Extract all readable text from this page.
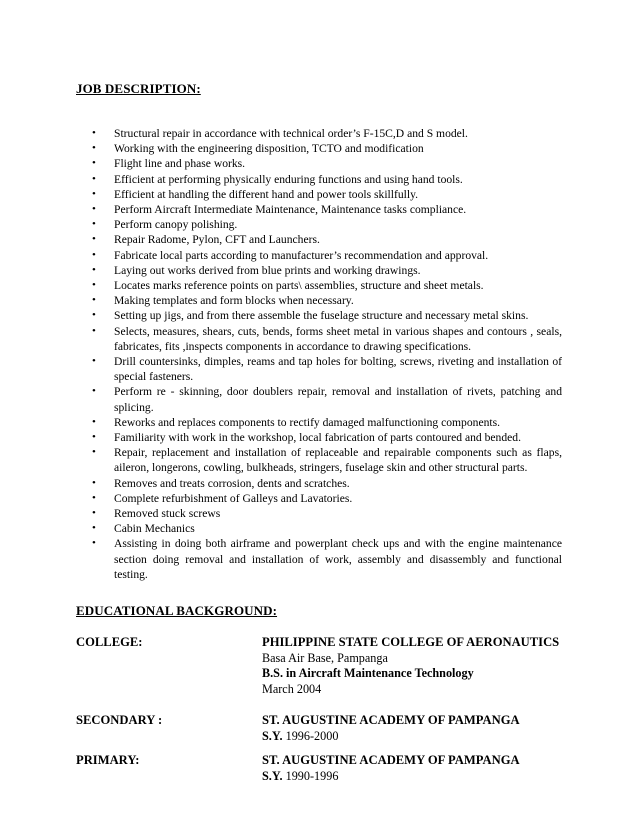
JOB DESCRIPTION:
• Structural repair in accordance with technical order’s F-15C,D and S model.
• Working with the engineering disposition, TCTO and modification
• Flight line and phase works.
• Efficient at performing physically enduring functions and using hand tools.
• Efficient at handling the different hand and power tools skillfully.
• Perform Aircraft Intermediate Maintenance, Maintenance tasks compliance.
• Perform canopy polishing.
• Repair Radome, Pylon, CFT and Launchers.
• Fabricate local parts according to manufacturer’s recommendation and approval.
• Laying out works derived from blue prints and working drawings.
• Locates marks reference points on parts\ assemblies, structure and sheet metals.
• Making templates and form blocks when necessary.
• Setting up jigs, and from there assemble the fuselage structure and necessary metal skins.
• Selects, measures, shears, cuts, bends, forms sheet metal in various shapes and contours , seals, fabricates, fits ,inspects components in accordance to drawing specifications.
• Drill countersinks, dimples, reams and tap holes for bolting, screws, riveting and installation of special fasteners.
• Perform re - skinning, door doublers repair, removal and installation of rivets, patching and splicing.
• Reworks and replaces components to rectify damaged malfunctioning components.
• Familiarity with work in the workshop, local fabrication of parts contoured and bended.
• Repair, replacement and installation of replaceable and repairable components such as flaps, aileron, longerons, cowling, bulkheads, stringers, fuselage skin and other structural parts.
• Removes and treats corrosion, dents and scratches.
• Complete refurbishment of Galleys and Lavatories.
• Removed stuck screws
• Cabin Mechanics
• Assisting in doing both airframe and powerplant check ups and with the engine maintenance section doing removal and installation of work, assembly and disassembly and functional testing.
EDUCATIONAL BACKGROUND:
COLLEGE:	PHILIPPINE STATE COLLEGE OF AERONAUTICS
Basa Air Base, Pampanga
B.S. in Aircraft Maintenance Technology
March 2004
SECONDARY :	ST. AUGUSTINE ACADEMY OF PAMPANGA
S.Y. 1996-2000
PRIMARY:	ST. AUGUSTINE ACADEMY OF PAMPANGA
S.Y. 1990-1996
